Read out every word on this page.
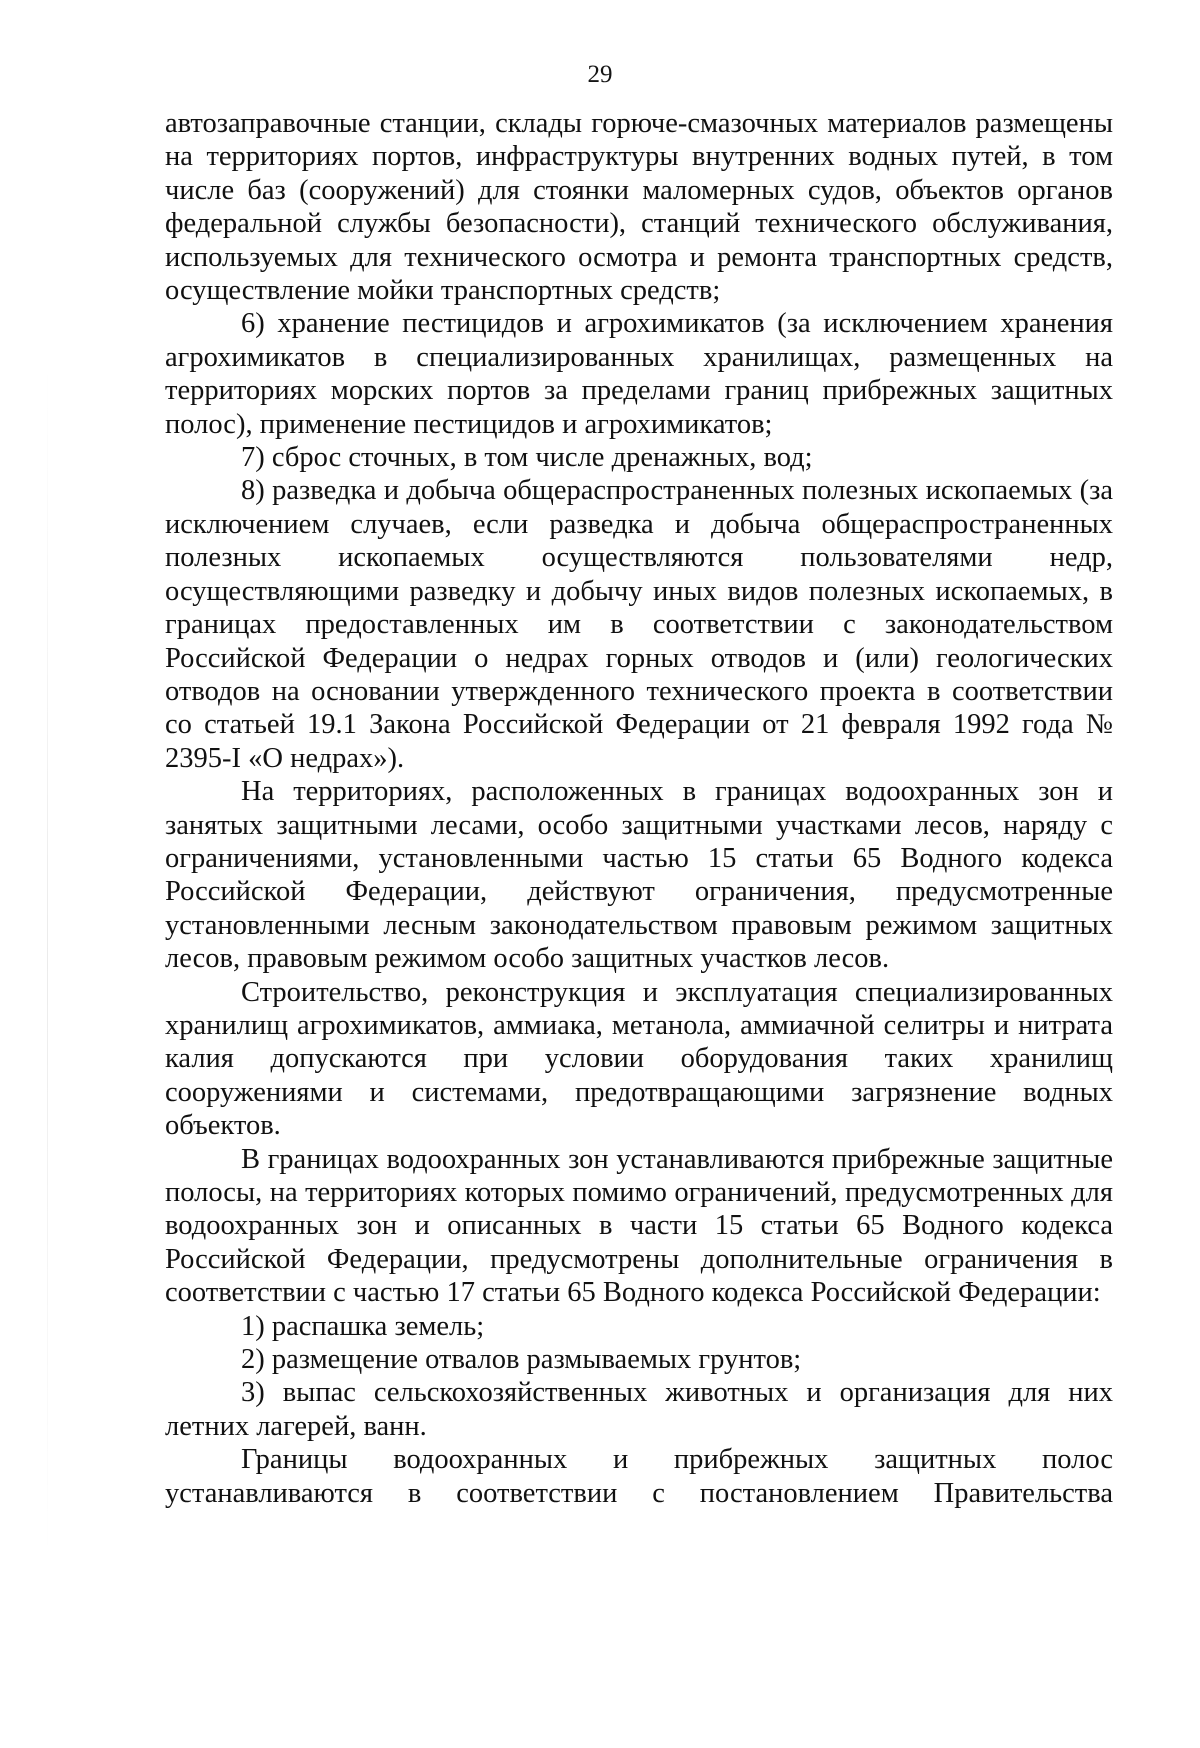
29

автозаправочные станции, склады горюче-смазочных материалов размещены на территориях портов, инфраструктуры внутренних водных путей, в том числе баз (сооружений) для стоянки маломерных судов, объектов органов федеральной службы безопасности), станций технического обслуживания, используемых для технического осмотра и ремонта транспортных средств, осуществление мойки транспортных средств;

6) хранение пестицидов и агрохимикатов (за исключением хранения агрохимикатов в специализированных хранилищах, размещенных на территориях морских портов за пределами границ прибрежных защитных полос), применение пестицидов и агрохимикатов;

7) сброс сточных, в том числе дренажных, вод;

8) разведка и добыча общераспространенных полезных ископаемых (за исключением случаев, если разведка и добыча общераспространенных полезных ископаемых осуществляются пользователями недр, осуществляющими разведку и добычу иных видов полезных ископаемых, в границах предоставленных им в соответствии с законодательством Российской Федерации о недрах горных отводов и (или) геологических отводов на основании утвержденного технического проекта в соответствии со статьей 19.1 Закона Российской Федерации от 21 февраля 1992 года № 2395-I «О недрах»).

На территориях, расположенных в границах водоохранных зон и занятых защитными лесами, особо защитными участками лесов, наряду с ограничениями, установленными частью 15 статьи 65 Водного кодекса Российской Федерации, действуют ограничения, предусмотренные установленными лесным законодательством правовым режимом защитных лесов, правовым режимом особо защитных участков лесов.

Строительство, реконструкция и эксплуатация специализированных хранилищ агрохимикатов, аммиака, метанола, аммиачной селитры и нитрата калия допускаются при условии оборудования таких хранилищ сооружениями и системами, предотвращающими загрязнение водных объектов.

В границах водоохранных зон устанавливаются прибрежные защитные полосы, на территориях которых помимо ограничений, предусмотренных для водоохранных зон и описанных в части 15 статьи 65 Водного кодекса Российской Федерации, предусмотрены дополнительные ограничения в соответствии с частью 17 статьи 65 Водного кодекса Российской Федерации:

1) распашка земель;

2) размещение отвалов размываемых грунтов;

3) выпас сельскохозяйственных животных и организация для них летних лагерей, ванн.

Границы водоохранных и прибрежных защитных полос устанавливаются в соответствии с постановлением Правительства
